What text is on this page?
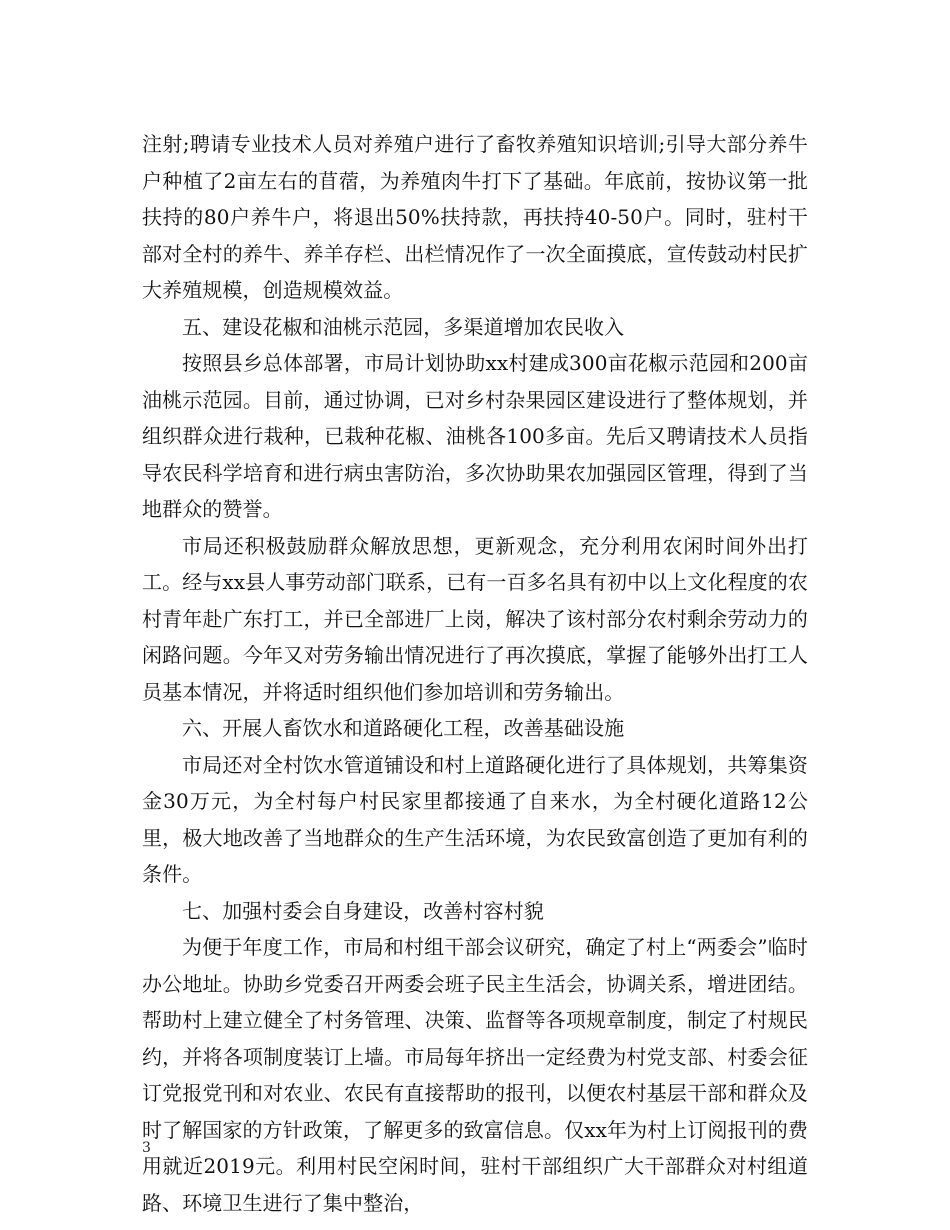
注射;聘请专业技术人员对养殖户进行了畜牧养殖知识培训;引导大部分养牛户种植了2亩左右的苜蓿，为养殖肉牛打下了基础。年底前，按协议第一批扶持的80户养牛户，将退出50%扶持款，再扶持40-50户。同时，驻村干部对全村的养牛、养羊存栏、出栏情况作了一次全面摸底，宣传鼓动村民扩大养殖规模，创造规模效益。

五、建设花椒和油桃示范园，多渠道增加农民收入

按照县乡总体部署，市局计划协助xx村建成300亩花椒示范园和200亩油桃示范园。目前，通过协调，已对乡村杂果园区建设进行了整体规划，并组织群众进行栽种，已栽种花椒、油桃各100多亩。先后又聘请技术人员指导农民科学培育和进行病虫害防治，多次协助果农加强园区管理，得到了当地群众的赞誉。

市局还积极鼓励群众解放思想，更新观念，充分利用农闲时间外出打工。经与xx县人事劳动部门联系，已有一百多名具有初中以上文化程度的农村青年赴广东打工，并已全部进厂上岗，解决了该村部分农村剩余劳动力的闲路问题。今年又对劳务输出情况进行了再次摸底，掌握了能够外出打工人员基本情况，并将适时组织他们参加培训和劳务输出。

六、开展人畜饮水和道路硬化工程，改善基础设施

市局还对全村饮水管道铺设和村上道路硬化进行了具体规划，共筹集资金30万元，为全村每户村民家里都接通了自来水，为全村硬化道路12公里，极大地改善了当地群众的生产生活环境，为农民致富创造了更加有利的条件。

七、加强村委会自身建设，改善村容村貌

为便于年度工作，市局和村组干部会议研究，确定了村上“两委会”临时办公地址。协助乡党委召开两委会班子民主生活会，协调关系，增进团结。帮助村上建立健全了村务管理、决策、监督等各项规章制度，制定了村规民约，并将各项制度装订上墙。市局每年挤出一定经费为村党支部、村委会征订党报党刊和对农业、农民有直接帮助的报刊，以便农村基层干部和群众及时了解国家的方针政策，了解更多的致富信息。仅xx年为村上订阅报刊的费用就近2019元。利用村民空闲时间，驻村干部组织广大干部群众对村组道路、环境卫生进行了集中整治，

3
